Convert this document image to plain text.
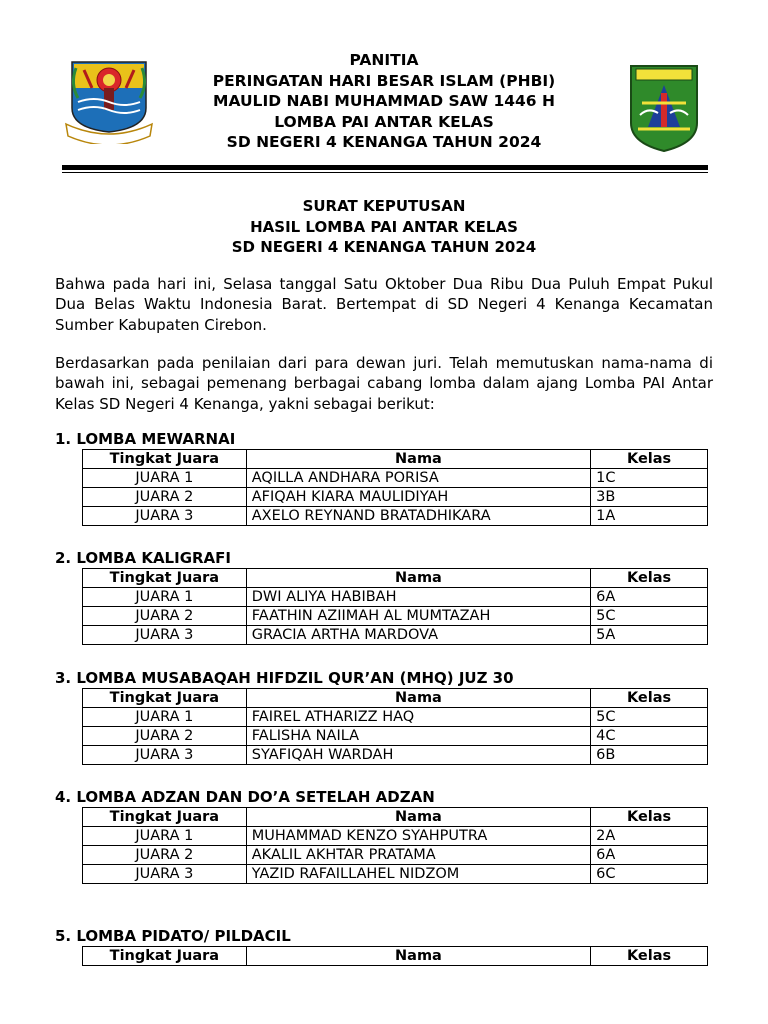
PANITIA
PERINGATAN HARI BESAR ISLAM (PHBI)
MAULID NABI MUHAMMAD SAW 1446 H
LOMBA PAI ANTAR KELAS
SD NEGERI 4 KENANGA TAHUN 2024
SURAT KEPUTUSAN
HASIL LOMBA PAI ANTAR KELAS
SD NEGERI 4 KENANGA TAHUN 2024
Bahwa pada hari ini, Selasa tanggal Satu Oktober Dua Ribu Dua Puluh Empat Pukul Dua Belas Waktu Indonesia Barat. Bertempat di SD Negeri 4 Kenanga Kecamatan Sumber Kabupaten Cirebon.
Berdasarkan pada penilaian dari para dewan juri. Telah memutuskan nama-nama di bawah ini, sebagai pemenang berbagai cabang lomba dalam ajang Lomba PAI Antar Kelas SD Negeri 4 Kenanga, yakni sebagai berikut:
1. LOMBA MEWARNAI
Tingkat Juara	Nama	Kelas
JUARA 1	AQILLA ANDHARA PORISA	1C
JUARA 2	AFIQAH KIARA MAULIDIYAH	3B
JUARA 3	AXELO REYNAND BRATADHIKARA	1A
2. LOMBA KALIGRAFI
Tingkat Juara	Nama	Kelas
JUARA 1	DWI ALIYA HABIBAH	6A
JUARA 2	FAATHIN AZIIMAH AL MUMTAZAH	5C
JUARA 3	GRACIA ARTHA MARDOVA	5A
3. LOMBA MUSABAQAH HIFDZIL QUR’AN (MHQ) JUZ 30
Tingkat Juara	Nama	Kelas
JUARA 1	FAIREL ATHARIZZ HAQ	5C
JUARA 2	FALISHA NAILA	4C
JUARA 3	SYAFIQAH WARDAH	6B
4. LOMBA ADZAN DAN DO’A SETELAH ADZAN
Tingkat Juara	Nama	Kelas
JUARA 1	MUHAMMAD KENZO SYAHPUTRA	2A
JUARA 2	AKALIL AKHTAR PRATAMA	6A
JUARA 3	YAZID RAFAILLAHEL NIDZOM	6C
5. LOMBA PIDATO/ PILDACIL
Tingkat Juara	Nama	Kelas
